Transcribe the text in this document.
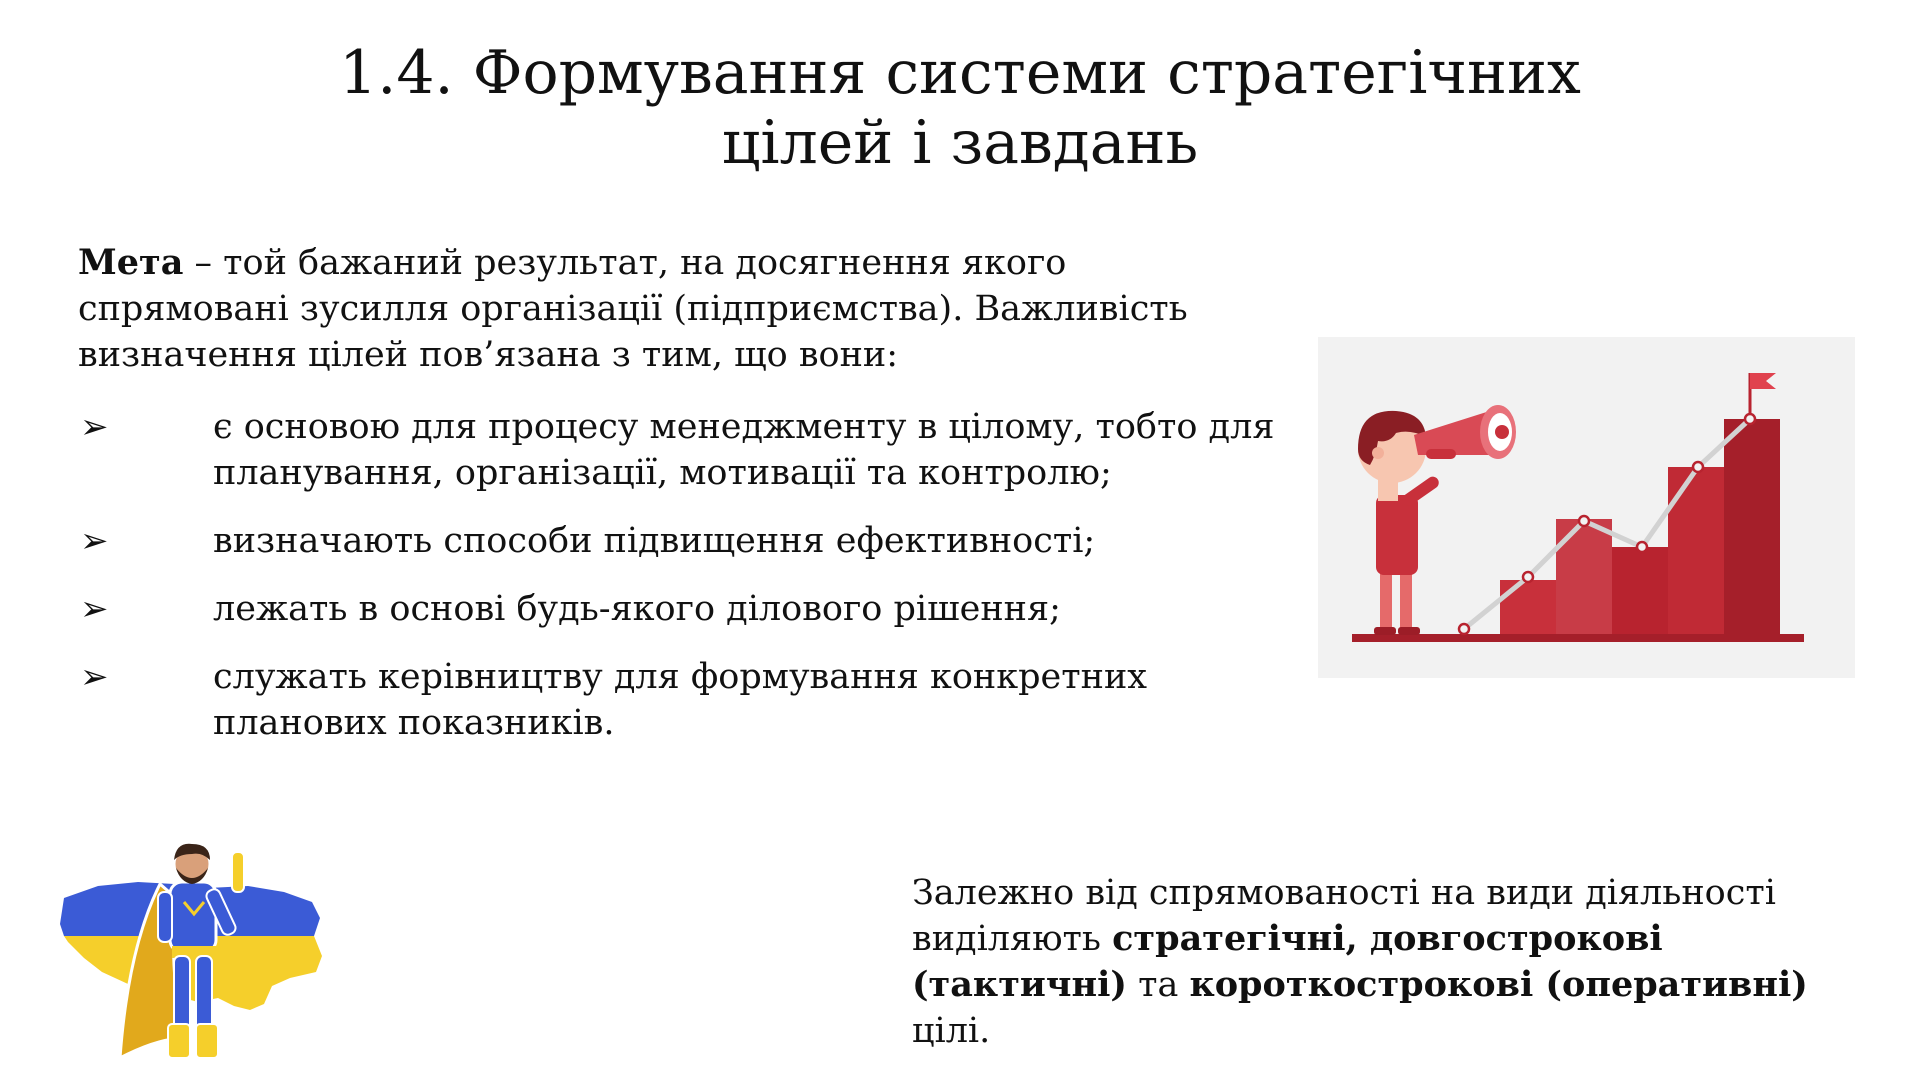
1.4. Формування системи стратегічних
цілей і завдань

Мета – той бажаний результат, на досягнення якого спрямовані зусилля організації (підприємства). Важливість визначення цілей пов’язана з тим, що вони:

➢	є основою для процесу менеджменту в цілому, тобто для планування, організації, мотивації та контролю;
➢	визначають способи підвищення ефективності;
➢	лежать в основі будь-якого ділового рішення;
➢	служать керівництву для формування конкретних планових показників.

Залежно від спрямованості на види діяльності виділяють стратегічні, довгострокові (тактичні) та короткострокові (оперативні) цілі.
